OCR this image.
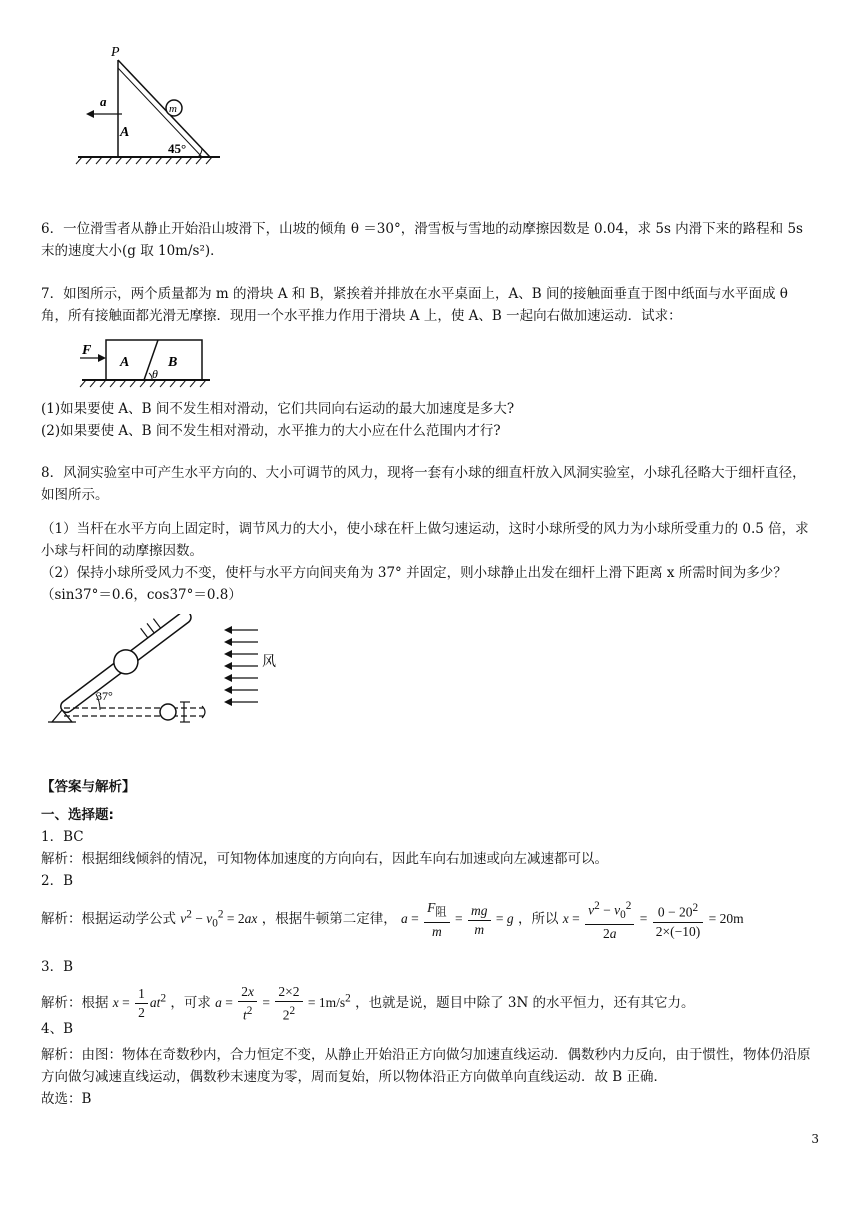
P
a	m
A
45°
6．一位滑雪者从静止开始沿山坡滑下，山坡的倾角 θ ＝30°，滑雪板与雪地的动摩擦因数是 0.04，求 5s 内滑下来的路程和 5s 末的速度大小(g 取 10m/s²)．
7．如图所示，两个质量都为 m 的滑块 A 和 B，紧挨着并排放在水平桌面上，A、B 间的接触面垂直于图中纸面与水平面成 θ 角，所有接触面都光滑无摩擦．现用一个水平推力作用于滑块 A 上，使 A、B 一起向右做加速运动．试求：
F
A	B
θ
(1)如果要使 A、B 间不发生相对滑动，它们共同向右运动的最大加速度是多大?
(2)如果要使 A、B 间不发生相对滑动，水平推力的大小应在什么范围内才行?
8．风洞实验室中可产生水平方向的、大小可调节的风力，现将一套有小球的细直杆放入风洞实验室，小球孔径略大于细杆直径，如图所示。
（1）当杆在水平方向上固定时，调节风力的大小，使小球在杆上做匀速运动，这时小球所受的风力为小球所受重力的 0.5 倍，求小球与杆间的动摩擦因数。
（2）保持小球所受风力不变，使杆与水平方向间夹角为 37° 并固定，则小球静止出发在细杆上滑下距离 x 所需时间为多少？（sin37°＝0.6，cos37°＝0.8）
37°
风
【答案与解析】
一、选择题:
1．BC
解析：根据细线倾斜的情况，可知物体加速度的方向向右，因此车向右加速或向左减速都可以。
2．B
解析：根据运动学公式 $v^2 - v_0^2 = 2ax$ ，根据牛顿第二定律， $a = \frac{F_阻}{m} = \frac{mg}{m} = g$ ，所以 $x = \frac{v^2 - v_0^2}{2a} = \frac{0 - 20^2}{2\times(-10)} = 20m$
3．B
解析：根据 $x = \frac{1}{2} at^2$ ，可求 $a = \frac{2x}{t^2} = \frac{2\times 2}{2^2} = 1m/s^2$ ，也就是说，题目中除了 3N 的水平恒力，还有其它力。
4、B
解析：由图：物体在奇数秒内，合力恒定不变，从静止开始沿正方向做匀加速直线运动．偶数秒内力反向，由于惯性，物体仍沿原方向做匀减速直线运动，偶数秒末速度为零，周而复始，所以物体沿正方向做单向直线运动．故 B 正确．
故选：B
3
